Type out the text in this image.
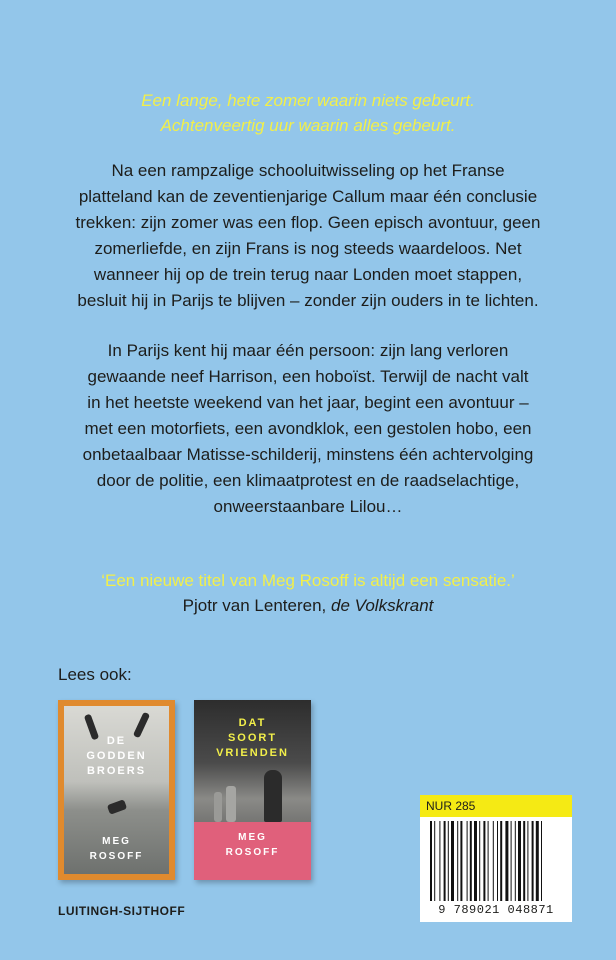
Een lange, hete zomer waarin niets gebeurt.
Achtenveertig uur waarin alles gebeurt.
Na een rampzalige schooluitwisseling op het Franse
platteland kan de zeventienjarige Callum maar één conclusie
trekken: zijn zomer was een flop. Geen episch avontuur, geen
zomerliefde, en zijn Frans is nog steeds waardeloos. Net
wanneer hij op de trein terug naar Londen moet stappen,
besluit hij in Parijs te blijven – zonder zijn ouders in te lichten.
In Parijs kent hij maar één persoon: zijn lang verloren
gewaande neef Harrison, een hoboïst. Terwijl de nacht valt
in het heetste weekend van het jaar, begint een avontuur –
met een motorfiets, een avondklok, een gestolen hobo, een
onbetaalbaar Matisse-schilderij, minstens één achtervolging
door de politie, een klimaatprotest en de raadselachtige,
onweerstaanbare Lilou…
‘Een nieuwe titel van Meg Rosoff is altijd een sensatie.’
Pjotr van Lenteren, de Volkskrant
Lees ook:
DE
GODDEN
BROERS
MEG
ROSOFF
DAT
SOORT
VRIENDEN
MEG
ROSOFF
LUITINGH-SIJTHOFF
NUR 285
9 789021 048871
